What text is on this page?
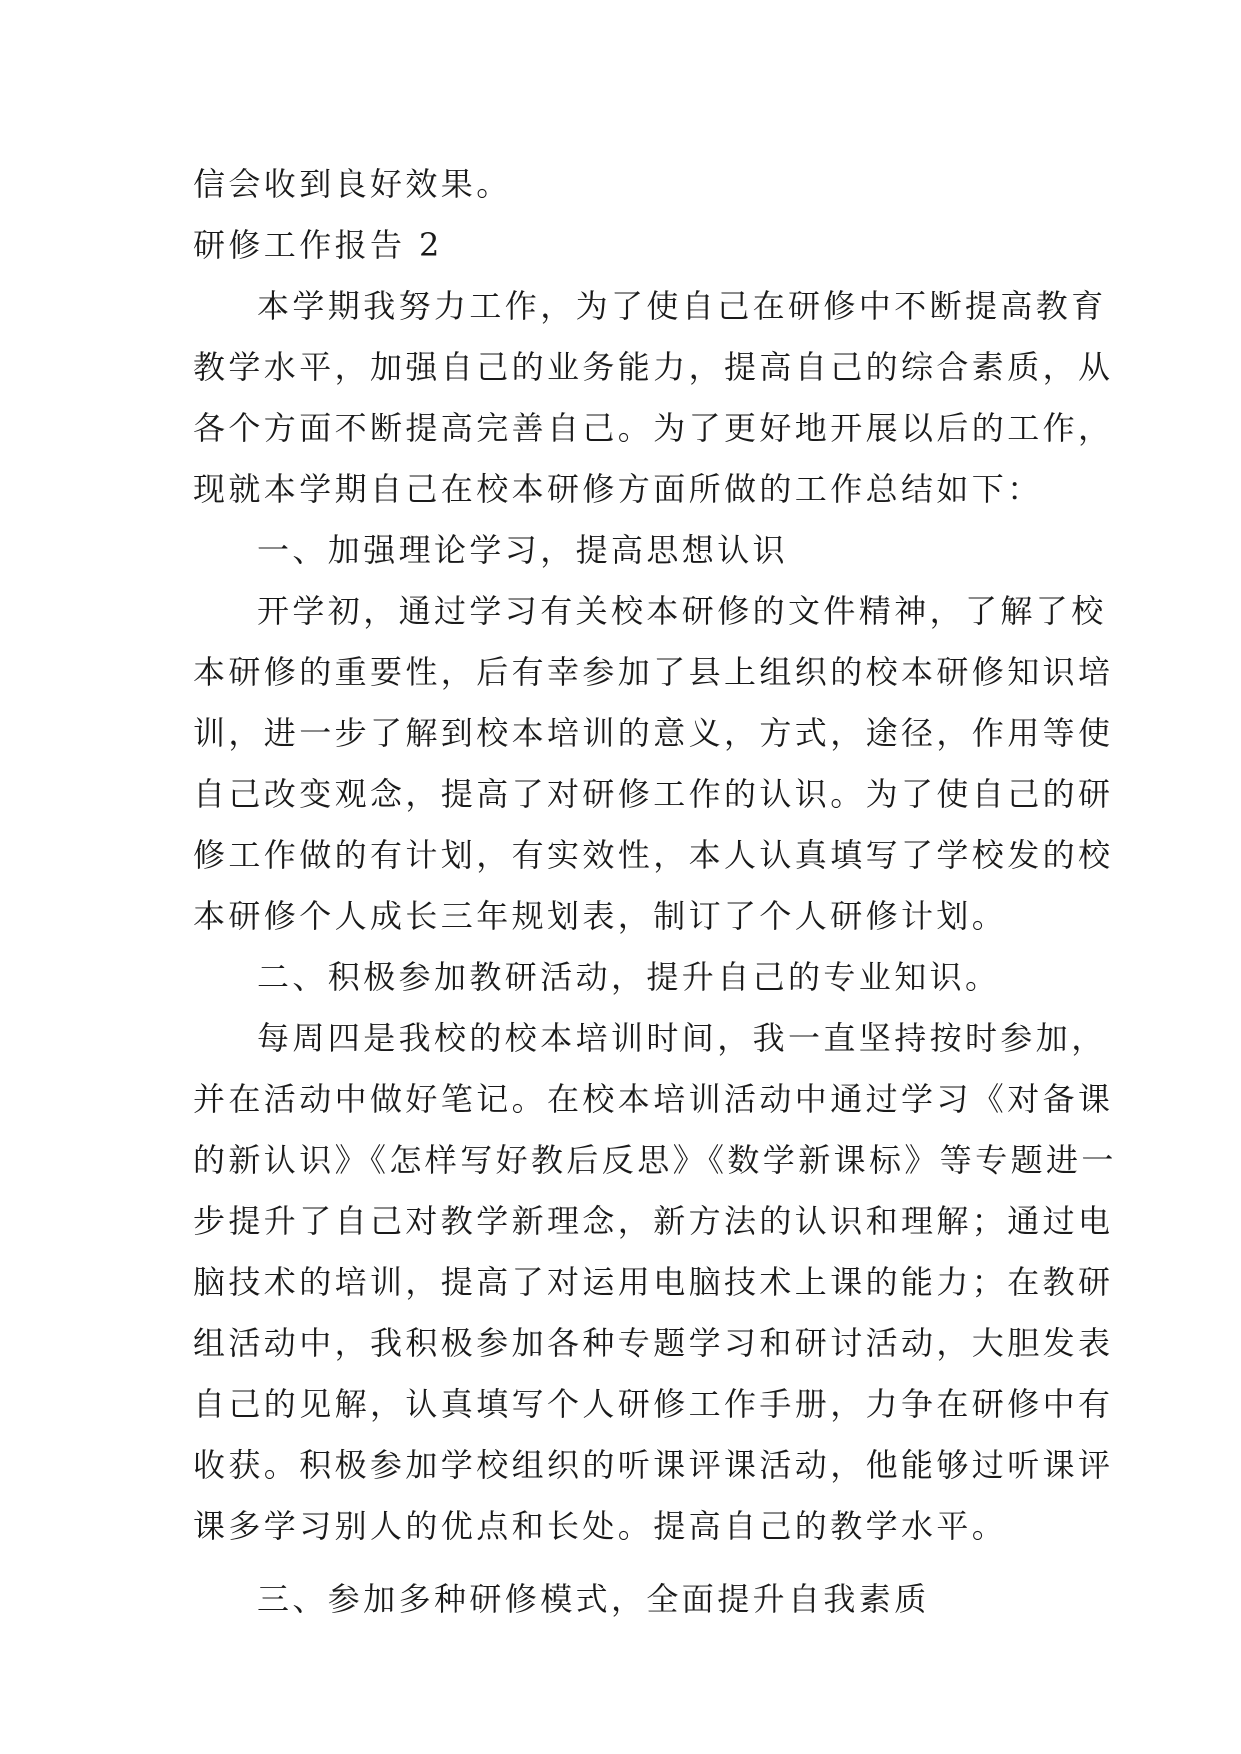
信会收到良好效果。
研修工作报告 2
本学期我努力工作，为了使自己在研修中不断提高教育
教学水平，加强自己的业务能力，提高自己的综合素质，从
各个方面不断提高完善自己。为了更好地开展以后的工作，
现就本学期自己在校本研修方面所做的工作总结如下：
一、加强理论学习，提高思想认识
开学初，通过学习有关校本研修的文件精神，了解了校
本研修的重要性，后有幸参加了县上组织的校本研修知识培
训，进一步了解到校本培训的意义，方式，途径，作用等使
自己改变观念，提高了对研修工作的认识。为了使自己的研
修工作做的有计划，有实效性，本人认真填写了学校发的校
本研修个人成长三年规划表，制订了个人研修计划。
二、积极参加教研活动，提升自己的专业知识。
每周四是我校的校本培训时间，我一直坚持按时参加，
并在活动中做好笔记。在校本培训活动中通过学习《对备课
的新认识》《怎样写好教后反思》《数学新课标》等专题进一
步提升了自己对教学新理念，新方法的认识和理解；通过电
脑技术的培训，提高了对运用电脑技术上课的能力；在教研
组活动中，我积极参加各种专题学习和研讨活动，大胆发表
自己的见解，认真填写个人研修工作手册，力争在研修中有
收获。积极参加学校组织的听课评课活动，他能够过听课评
课多学习别人的优点和长处。提高自己的教学水平。
三、参加多种研修模式，全面提升自我素质
